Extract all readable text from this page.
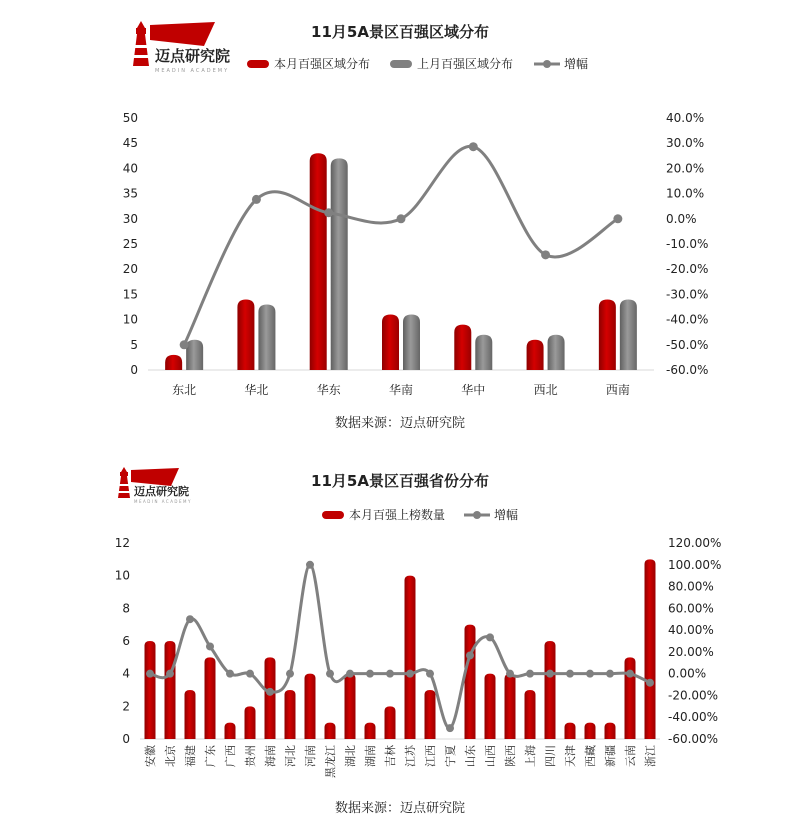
迈点研究院
MEADIN ACADEMY
迈点研究院
MEADIN ACADEMY
11月5A景区百强区域分布
本月百强区域分布	上月百强区域分布	增幅
0
5
10
15
20
25
30
35
40
45
50
-60.0%
-50.0%
-40.0%
-30.0%
-20.0%
-10.0%
0.0%
10.0%
20.0%
30.0%
40.0%
东北	华北	华东	华南	华中	西北	西南
数据来源：迈点研究院
11月5A景区百强省份分布
本月百强上榜数量	增幅
0
2
4
6
8
10
12
-60.00%
-40.00%
-20.00%
0.00%
20.00%
40.00%
60.00%
80.00%
100.00%
120.00%
安徽 北京 福建 广东 广西 贵州 海南 河北 河南 黑龙江 湖北 湖南 吉林 江苏 江西 宁夏 山东 山西 陕西 上海 四川 天津 西藏 新疆 云南 浙江
数据来源：迈点研究院
